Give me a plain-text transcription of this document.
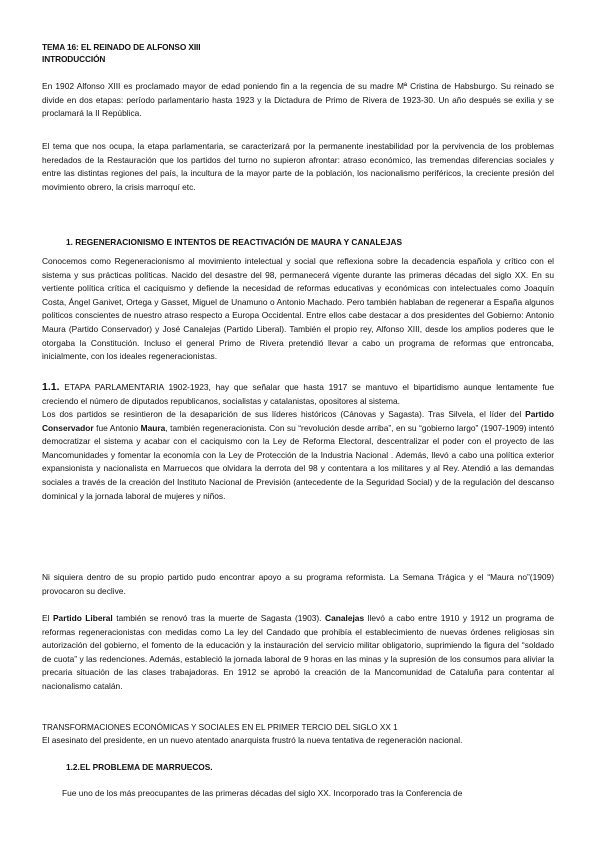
TEMA 16: EL REINADO DE ALFONSO XIII
INTRODUCCIÓN

En 1902 Alfonso XIII es proclamado mayor de edad poniendo fin a la regencia de su madre Mª Cristina de Habsburgo. Su reinado se divide en dos etapas: período parlamentario hasta 1923 y la Dictadura de Primo de Rivera de 1923-30. Un año después se exilia y se proclamará la II República.

El tema que nos ocupa, la etapa parlamentaria, se caracterizará por la permanente inestabilidad por la pervivencia de los problemas heredados de la Restauración que los partidos del turno no supieron afrontar: atraso económico, las tremendas diferencias sociales y entre las distintas regiones del país, la incultura de la mayor parte de la población, los nacionalismo periféricos, la creciente presión del movimiento obrero, la crisis marroquí etc.

1. REGENERACIONISMO E INTENTOS DE REACTIVACIÓN DE MAURA Y CANALEJAS

Conocemos como Regeneracionismo al movimiento intelectual y social que reflexiona sobre la decadencia española y crítico con el sistema y sus prácticas políticas. Nacido del desastre del 98, permanecerá vigente durante las primeras décadas del siglo XX. En su vertiente política crítica el caciquismo y defiende la necesidad de reformas educativas y económicas con intelectuales como Joaquín Costa, Ángel Ganivet, Ortega y Gasset, Miguel de Unamuno o Antonio Machado. Pero también hablaban de regenerar a España algunos políticos conscientes de nuestro atraso respecto a Europa Occidental. Entre ellos cabe destacar a dos presidentes del Gobierno: Antonio Maura (Partido Conservador) y José Canalejas (Partido Liberal). También el propio rey, Alfonso XIII, desde los amplios poderes que le otorgaba la Constitución. Incluso el general Primo de Rivera pretendió llevar a cabo un programa de reformas que entroncaba, inicialmente, con los ideales regeneracionistas.

1.1. ETAPA PARLAMENTARIA 1902-1923, hay que señalar que hasta 1917 se mantuvo el bipartidismo aunque lentamente fue creciendo el número de diputados republicanos, socialistas y catalanistas, opositores al sistema.

Los dos partidos se resintieron de la desaparición de sus líderes históricos (Cánovas y Sagasta). Tras Silvela, el líder del Partido Conservador fue Antonio Maura, también regeneracionista. Con su “revolución desde arriba”, en su “gobierno largo” (1907-1909) intentó democratizar el sistema y acabar con el caciquismo con la Ley de Reforma Electoral, descentralizar el poder con el proyecto de las Mancomunidades y fomentar la economía con la Ley de Protección de la Industria Nacional . Además, llevó a cabo una política exterior expansionista y nacionalista en Marruecos que olvidara la derrota del 98 y contentara a los militares y al Rey. Atendió a las demandas sociales a través de la creación del Instituto Nacional de Previsión (antecedente de la Seguridad Social) y de la regulación del descanso dominical y la jornada laboral de mujeres y niños.

Ni siquiera dentro de su propio partido pudo encontrar apoyo a su programa reformista. La Semana Trágica y el “Maura no”(1909) provocaron su declive.

El Partido Liberal también se renovó tras la muerte de Sagasta (1903). Canalejas llevó a cabo entre 1910 y 1912 un programa de reformas regeneracionistas con medidas como La ley del Candado que prohibía el establecimiento de nuevas órdenes religiosas sin autorización del gobierno, el fomento de la educación y la instauración del servicio militar obligatorio, suprimiendo la figura del “soldado de cuota” y las redenciones. Además, estableció la jornada laboral de 9 horas en las minas y la supresión de los consumos para aliviar la precaria situación de las clases trabajadoras. En 1912 se aprobó la creación de la Mancomunidad de Cataluña para contentar al nacionalismo catalán.

TRANSFORMACIONES ECONÓMICAS Y SOCIALES EN EL PRIMER TERCIO DEL SIGLO XX 1
El asesinato del presidente, en un nuevo atentado anarquista frustró la nueva tentativa de regeneración nacional.
1.2.EL PROBLEMA DE MARRUECOS.
Fue uno de los más preocupantes de las primeras décadas del siglo XX. Incorporado tras la Conferencia de
